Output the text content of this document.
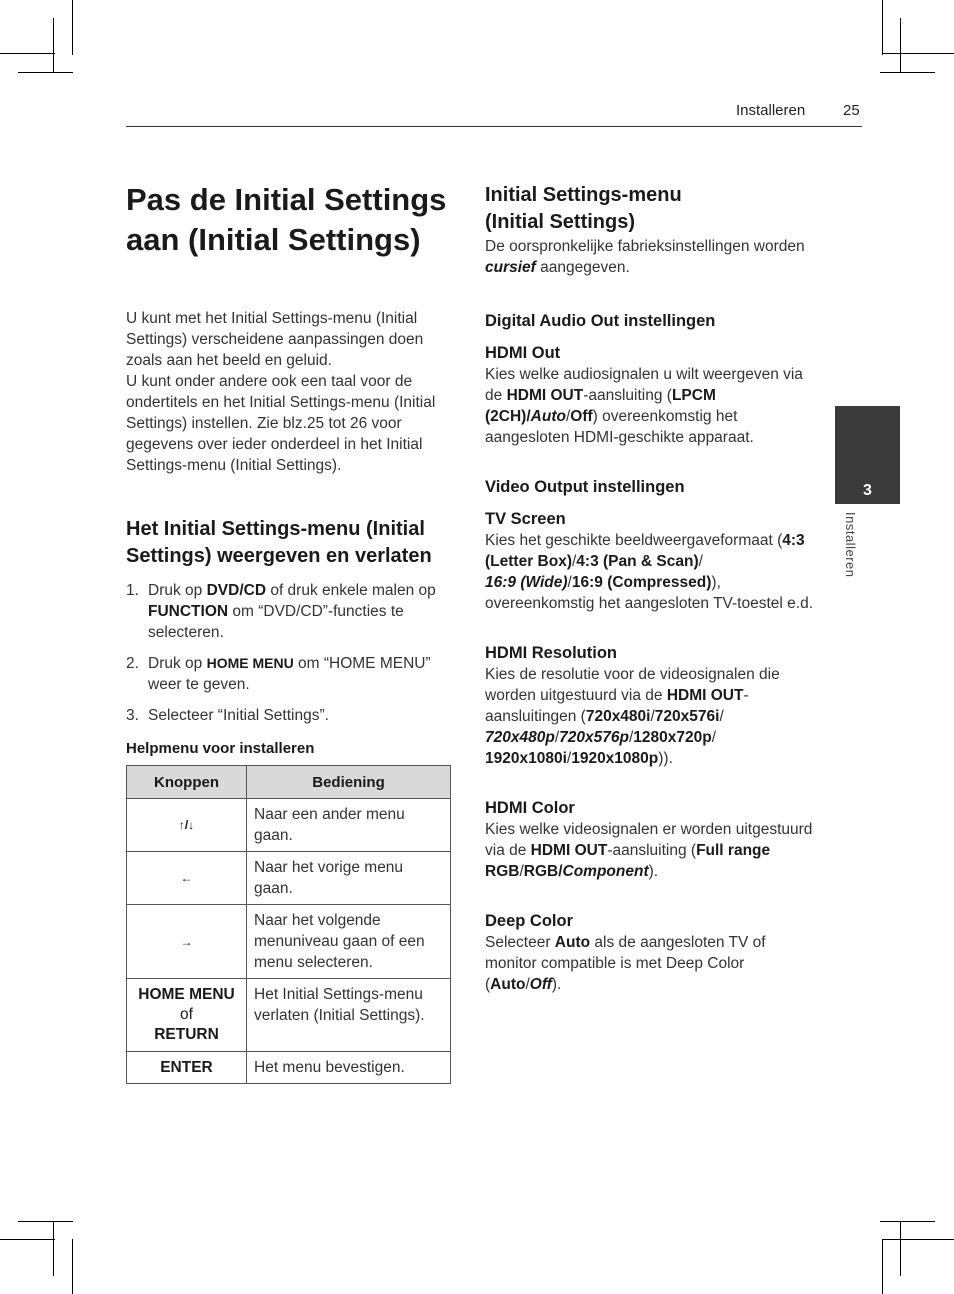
Installeren	25
Pas de Initial Settings
aan (Initial Settings)

U kunt met het Initial Settings-menu (Initial Settings) verscheidene aanpassingen doen zoals aan het beeld en geluid.

U kunt onder andere ook een taal voor de ondertitels en het Initial Settings-menu (Initial Settings) instellen. Zie blz.25 tot 26 voor gegevens over ieder onderdeel in het Initial Settings-menu (Initial Settings).

Het Initial Settings-menu (Initial Settings) weergeven en verlaten
1. Druk op DVD/CD of druk enkele malen op FUNCTION om “DVD/CD”-functies te selecteren.
2. Druk op HOME MENU om “HOME MENU” weer te geven.
3. Selecteer “Initial Settings”.
Helpmenu voor installeren
Knoppen	Bediening
↑/↓	Naar een ander menu gaan.
←	Naar het vorige menu gaan.
→	Naar het volgende menuniveau gaan of een menu selecteren.
HOME MENU
of
RETURN	Het Initial Settings-menu verlaten (Initial Settings).
ENTER	Het menu bevestigen.
Initial Settings-menu
(Initial Settings)

De oorspronkelijke fabrieksinstellingen worden cursief aangegeven.

Digital Audio Out instellingen
HDMI Out

Kies welke audiosignalen u wilt weergeven via de HDMI OUT-aansluiting (LPCM (2CH)/Auto/Off) overeenkomstig het aangesloten HDMI-geschikte apparaat.

Video Output instellingen
TV Screen

Kies het geschikte beeldweergaveformaat (4:3 (Letter Box)/4:3 (Pan & Scan)/
16:9 (Wide)/16:9 (Compressed)), overeenkomstig het aangesloten TV-toestel e.d.

HDMI Resolution

Kies de resolutie voor de videosignalen die worden uitgestuurd via de HDMI OUT-aansluitingen (720x480i/720x576i/
720x480p/720x576p/1280x720p/
1920x1080i/1920x1080p)).

HDMI Color

Kies welke videosignalen er worden uitgestuurd via de HDMI OUT-aansluiting (Full range RGB/RGB/Component).

Deep Color

Selecteer Auto als de aangesloten TV of monitor compatible is met Deep Color (Auto/Off).

3
Installeren
